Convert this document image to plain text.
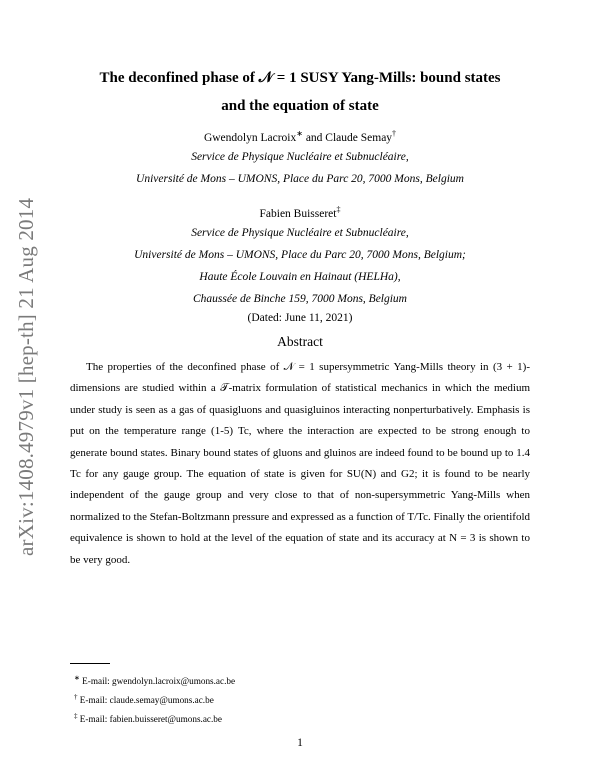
arXiv:1408.4979v1 [hep-th] 21 Aug 2014
The deconfined phase of 𝒩 = 1 SUSY Yang-Mills: bound states
and the equation of state
Gwendolyn Lacroix∗ and Claude Semay†
Service de Physique Nucléaire et Subnucléaire,
Université de Mons – UMONS, Place du Parc 20, 7000 Mons, Belgium
Fabien Buisseret‡
Service de Physique Nucléaire et Subnucléaire,
Université de Mons – UMONS, Place du Parc 20, 7000 Mons, Belgium;
Haute École Louvain en Hainaut (HELHa),
Chaussée de Binche 159, 7000 Mons, Belgium
(Dated: June 11, 2021)
Abstract
The properties of the deconfined phase of 𝒩 = 1 supersymmetric Yang-Mills theory in (3 + 1)-dimensions are studied within a 𝒯-matrix formulation of statistical mechanics in which the medium under study is seen as a gas of quasigluons and quasigluinos interacting nonperturbatively. Emphasis is put on the temperature range (1-5) Tc, where the interaction are expected to be strong enough to generate bound states. Binary bound states of gluons and gluinos are indeed found to be bound up to 1.4 Tc for any gauge group. The equation of state is given for SU(N) and G2; it is found to be nearly independent of the gauge group and very close to that of non-supersymmetric Yang-Mills when normalized to the Stefan-Boltzmann pressure and expressed as a function of T/Tc. Finally the orientifold equivalence is shown to hold at the level of the equation of state and its accuracy at N = 3 is shown to be very good.
∗ E-mail: gwendolyn.lacroix@umons.ac.be
† E-mail: claude.semay@umons.ac.be
‡ E-mail: fabien.buisseret@umons.ac.be
1
